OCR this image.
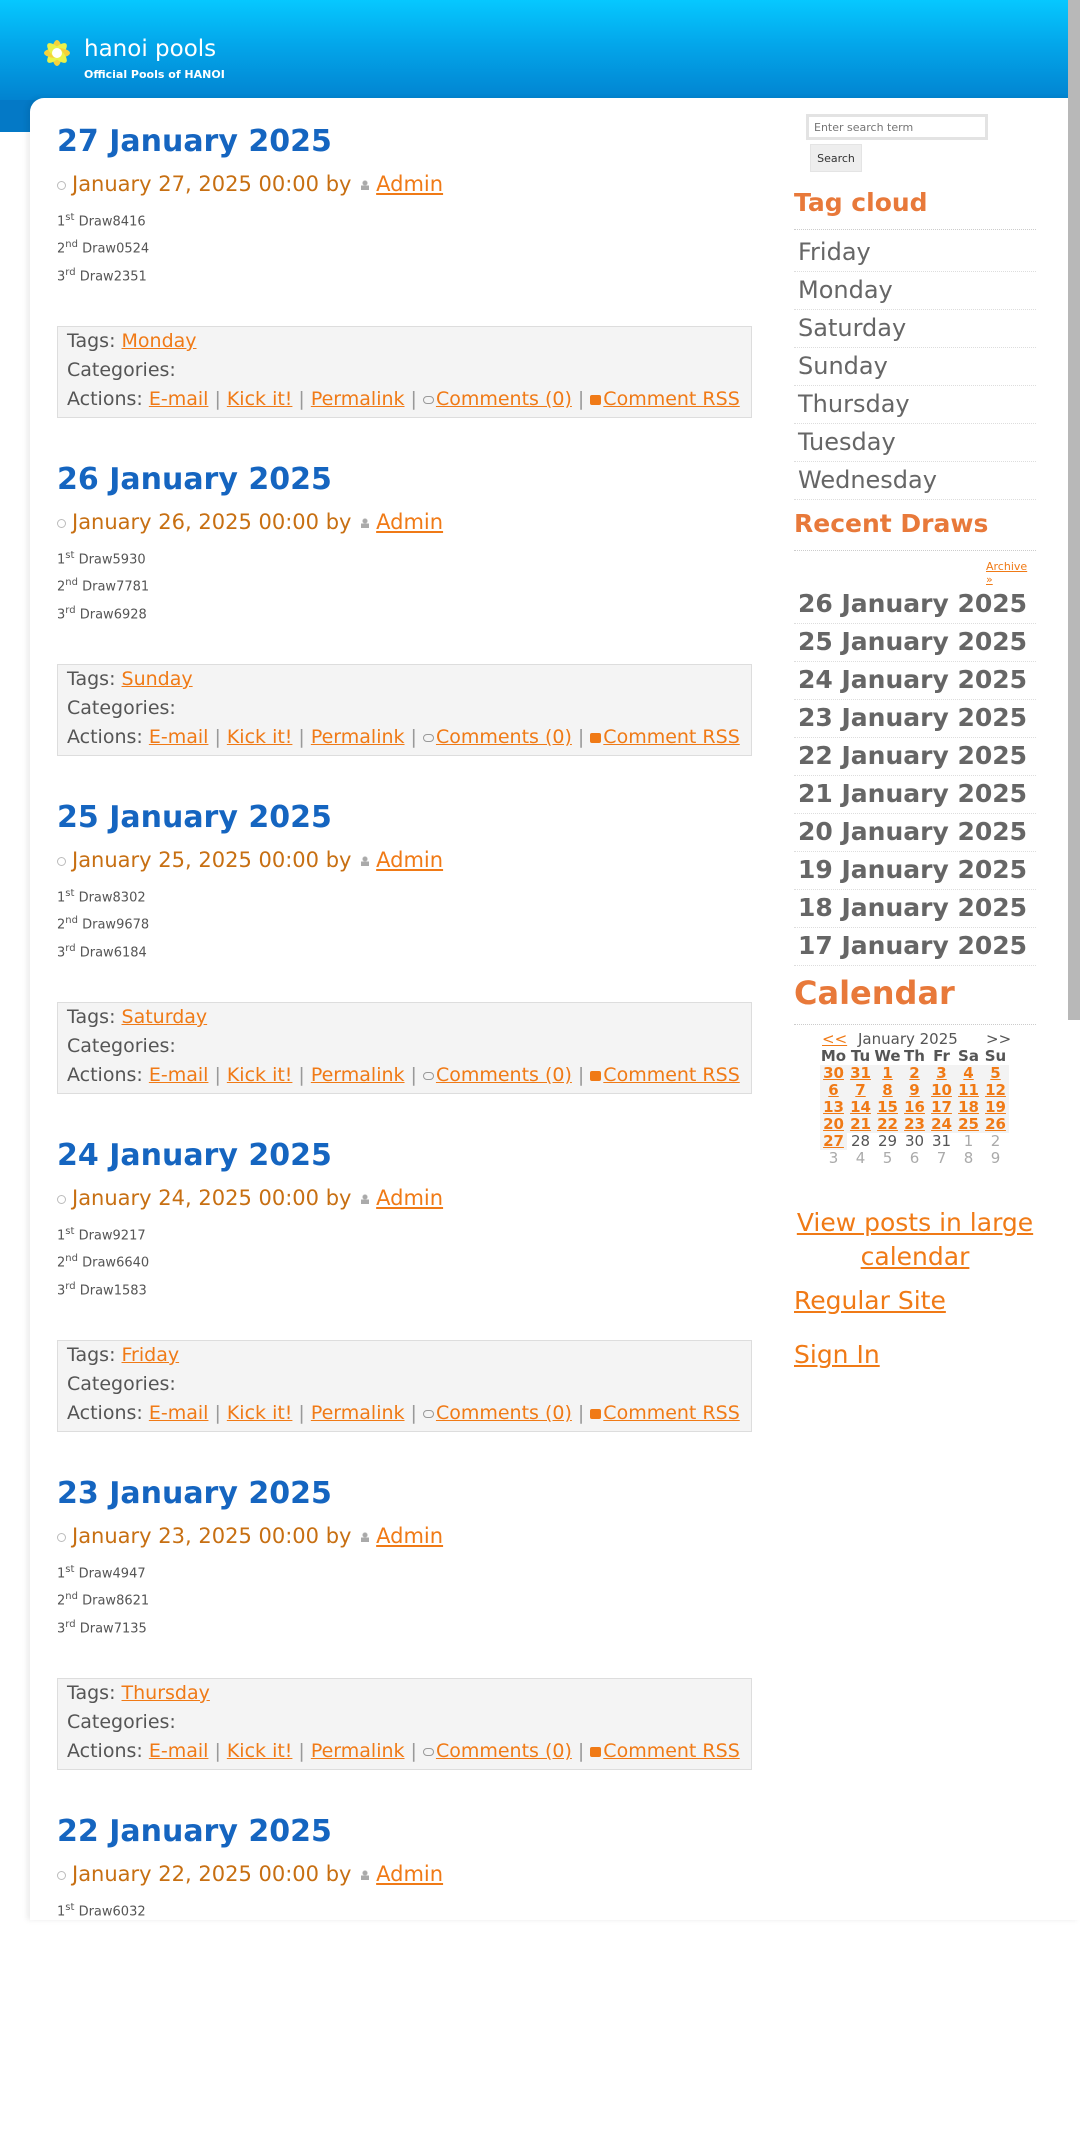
hanoi pools
Official Pools of HANOI
27 January 2025
January 27, 2025 00:00 by Admin
1st Draw8416
2nd Draw0524
3rd Draw2351
Tags: Monday
Categories:
Actions: E-mail | Kick it! | Permalink | Comments (0) | Comment RSS
26 January 2025
January 26, 2025 00:00 by Admin
1st Draw5930
2nd Draw7781
3rd Draw6928
Tags: Sunday
Categories:
Actions: E-mail | Kick it! | Permalink | Comments (0) | Comment RSS
25 January 2025
January 25, 2025 00:00 by Admin
1st Draw8302
2nd Draw9678
3rd Draw6184
Tags: Saturday
Categories:
Actions: E-mail | Kick it! | Permalink | Comments (0) | Comment RSS
24 January 2025
January 24, 2025 00:00 by Admin
1st Draw9217
2nd Draw6640
3rd Draw1583
Tags: Friday
Categories:
Actions: E-mail | Kick it! | Permalink | Comments (0) | Comment RSS
23 January 2025
January 23, 2025 00:00 by Admin
1st Draw4947
2nd Draw8621
3rd Draw7135
Tags: Thursday
Categories:
Actions: E-mail | Kick it! | Permalink | Comments (0) | Comment RSS
22 January 2025
January 22, 2025 00:00 by Admin
1st Draw6032
Enter search term
Search
Tag cloud
Friday
Monday
Saturday
Sunday
Thursday
Tuesday
Wednesday
Recent Draws
Archive »
26 January 2025
25 January 2025
24 January 2025
23 January 2025
22 January 2025
21 January 2025
20 January 2025
19 January 2025
18 January 2025
17 January 2025
Calendar
<< January 2025 >>
Mo	Tu	We	Th	Fr	Sa	Su
30	31	1	2	3	4	5
6	7	8	9	10	11	12
13	14	15	16	17	18	19
20	21	22	23	24	25	26
27	28	29	30	31	1	2
3	4	5	6	7	8	9
View posts in large calendar
Regular Site
Sign In
